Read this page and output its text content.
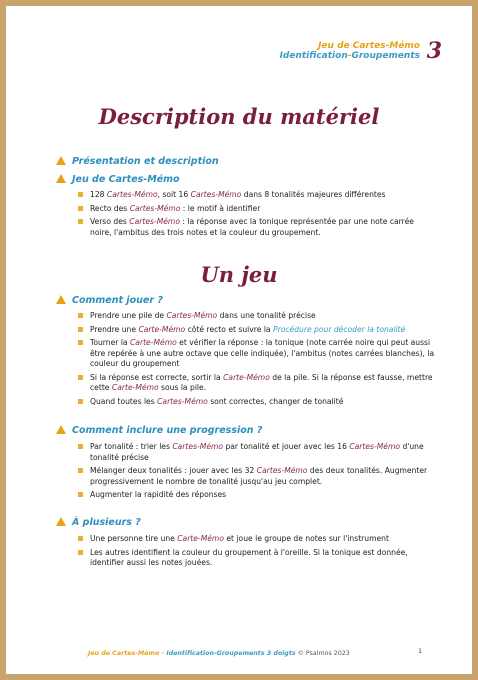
Jeu de Cartes-Mémo
Identification-Groupements 3
Description du matériel
Présentation et description
Jeu de Cartes-Mémo
128 Cartes-Mémo, soit 16 Cartes-Mémo dans 8 tonalités majeures différentes
Recto des Cartes-Mémo : le motif à identifier
Verso des Cartes-Mémo : la réponse avec la tonique représentée par une note carrée noire, l'ambitus des trois notes et la couleur du groupement.
Un jeu
Comment jouer ?
Prendre une pile de Cartes-Mémo dans une tonalité précise
Prendre une Carte-Mémo côté recto et suivre la Procédure pour décoder la tonalité
Tourner la Carte-Mémo et vérifier la réponse : la tonique (note carrée noire qui peut aussi être repérée à une autre octave que celle indiquée), l'ambitus (notes carrées blanches), la couleur du groupement
Si la réponse est correcte, sortir la Carte-Mémo de la pile. Si la réponse est fausse, mettre cette Carte-Mémo sous la pile.
Quand toutes les Cartes-Mémo sont correctes, changer de tonalité
Comment inclure une progression ?
Par tonalité : trier les Cartes-Mémo par tonalité et jouer avec les 16 Cartes-Mémo d'une tonalité précise
Mélanger deux tonalités : jouer avec les 32 Cartes-Mémo des deux tonalités. Augmenter progressivement le nombre de tonalité jusqu'au jeu complet.
Augmenter la rapidité des réponses
À plusieurs ?
Une personne tire une Carte-Mémo et joue le groupe de notes sur l'instrument
Les autres identifient la couleur du groupement à l'oreille. Si la tonique est donnée, identifier aussi les notes jouées.
Jeu de Cartes-Mémo - Identification-Groupements 3 doigts © Psalmos 2023	1
